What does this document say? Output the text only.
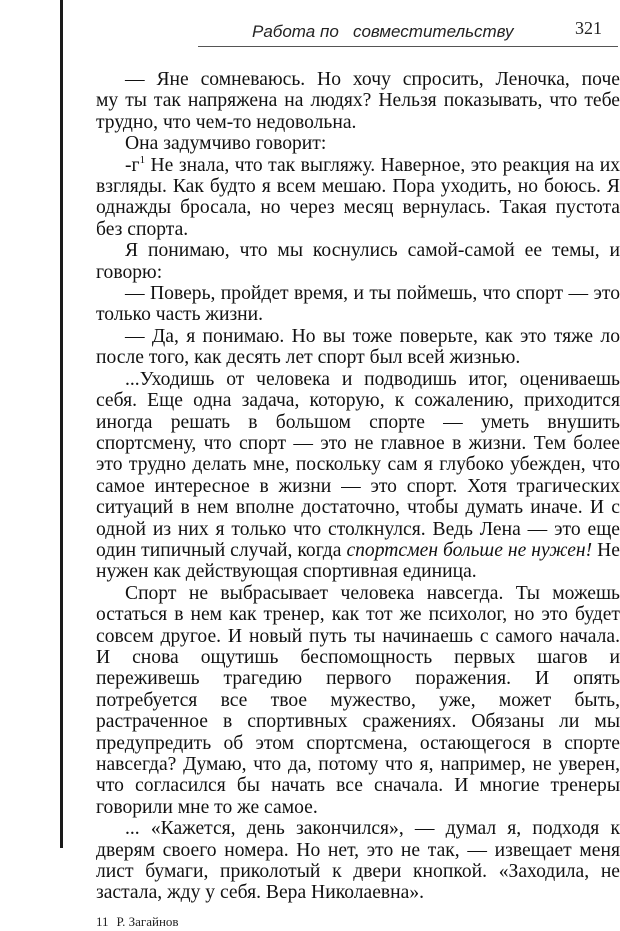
Работа по   совместительству	321

— Яне сомневаюсь. Но хочу спросить, Леночка, поче

му ты так напряжена на людях? Нельзя показывать, что тебе трудно, что чем-то недовольна.

Она задумчиво говорит:

$-г^1$ Не знала, что так выгляжу. Наверное, это реакция на их взгляды. Как будто я всем мешаю. Пора уходить, но боюсь. Я однажды бросала, но через месяц вернулась. Такая пустота без спорта.

Я понимаю, что мы коснулись самой-самой ее темы, и говорю:

— Поверь, пройдет время, и ты поймешь, что спорт — это только часть жизни.

— Да, я понимаю. Но вы тоже поверьте, как это тяже ло после того, как десять лет спорт был всей жизнью.

...Уходишь от человека и подводишь итог, оцениваешь себя. Еще одна задача, которую, к сожалению, приходится иногда решать в большом спорте — уметь внушить спортсмену, что спорт — это не главное в жизни. Тем более это трудно делать мне, поскольку сам я глубоко убежден, что самое интересное в жизни — это спорт. Хотя трагических ситуаций в нем вполне достаточно, чтобы думать иначе. И с одной из них я только что столкнулся. Ведь Лена — это еще один типичный случай, когда спортсмен больше не нужен! Не нужен как действующая спортивная единица.

Спорт не выбрасывает человека навсегда. Ты можешь остаться в нем как тренер, как тот же психолог, но это будет совсем другое. И новый путь ты начинаешь с самого начала. И снова ощутишь беспомощность первых шагов и переживешь трагедию первого поражения. И опять потребуется все твое мужество, уже, может быть, растраченное в спортивных сражениях. Обязаны ли мы предупредить об этом спортсмена, остающегося в спорте навсегда? Думаю, что да, потому что я, например, не уверен, что согласился бы начать все сначала. И многие тренеры говорили мне то же самое.

... «Кажется, день закончился», — думал я, подходя к дверям своего номера. Но нет, это не так, — извещает меня лист бумаги, приколотый к двери кнопкой. «Заходила, не застала, жду у себя. Вера Николаевна».

11 Р. Загайнов
